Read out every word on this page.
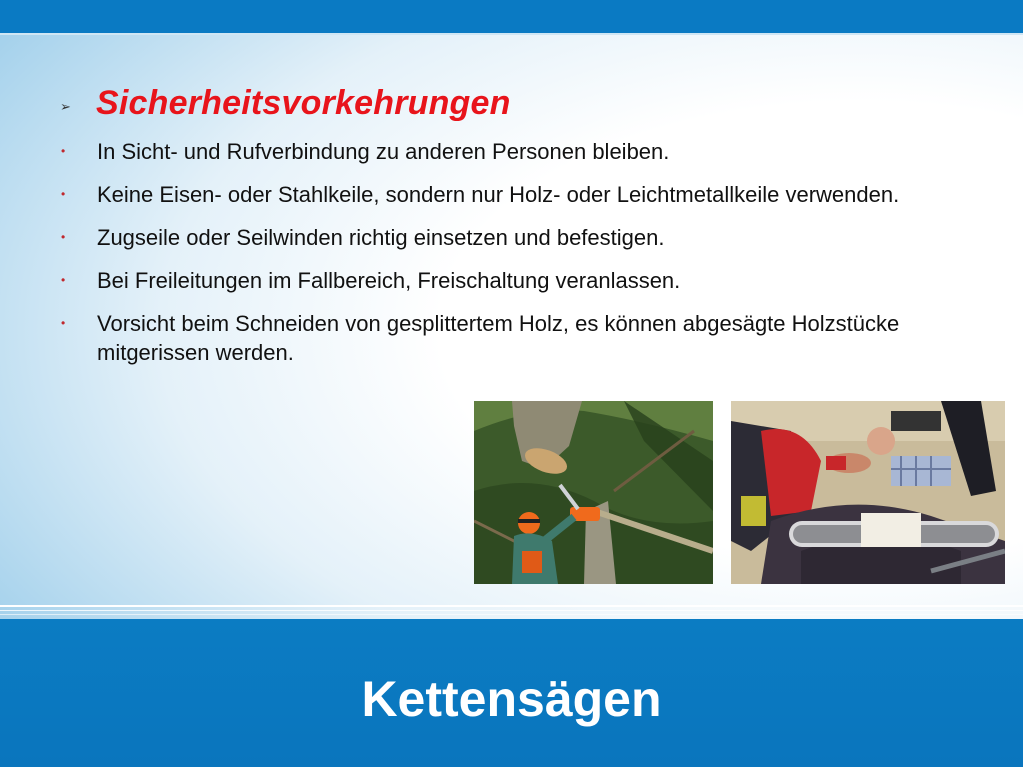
➢ Sicherheitsvorkehrungen
•	In Sicht- und Rufverbindung zu anderen Personen bleiben.
•	Keine Eisen- oder Stahlkeile, sondern nur Holz- oder Leichtmetallkeile verwenden.
•	Zugseile oder Seilwinden richtig einsetzen und befestigen.
•	Bei Freileitungen im Fallbereich, Freischaltung veranlassen.
•	Vorsicht beim Schneiden von gesplittertem Holz, es können abgesägte Holzstücke mitgerissen werden.
Kettensägen
